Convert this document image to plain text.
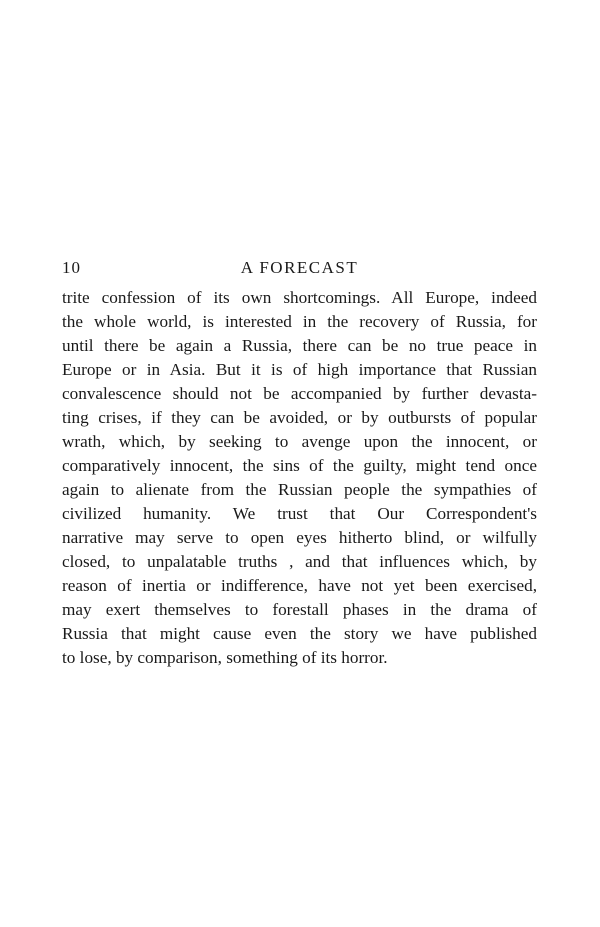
10	A FORECAST
trite confession of its own shortcomings. All Europe, indeed
the whole world, is interested in the recovery of Russia, for
until there be again a Russia, there can be no true peace in
Europe or in Asia. But it is of high importance that Russian
convalescence should not be accompanied by further devasta-
ting crises, if they can be avoided, or by outbursts of popular
wrath, which, by seeking to avenge upon the innocent, or
comparatively innocent, the sins of the guilty, might tend once
again to alienate from the Russian people the sympathies of
civilized humanity. We trust that Our Correspondent's
narrative may serve to open eyes hitherto blind, or wilfully
closed, to unpalatable truths , and that influences which, by
reason of inertia or indifference, have not yet been exercised,
may exert themselves to forestall phases in the drama of
Russia that might cause even the story we have published
to lose, by comparison, something of its horror.
